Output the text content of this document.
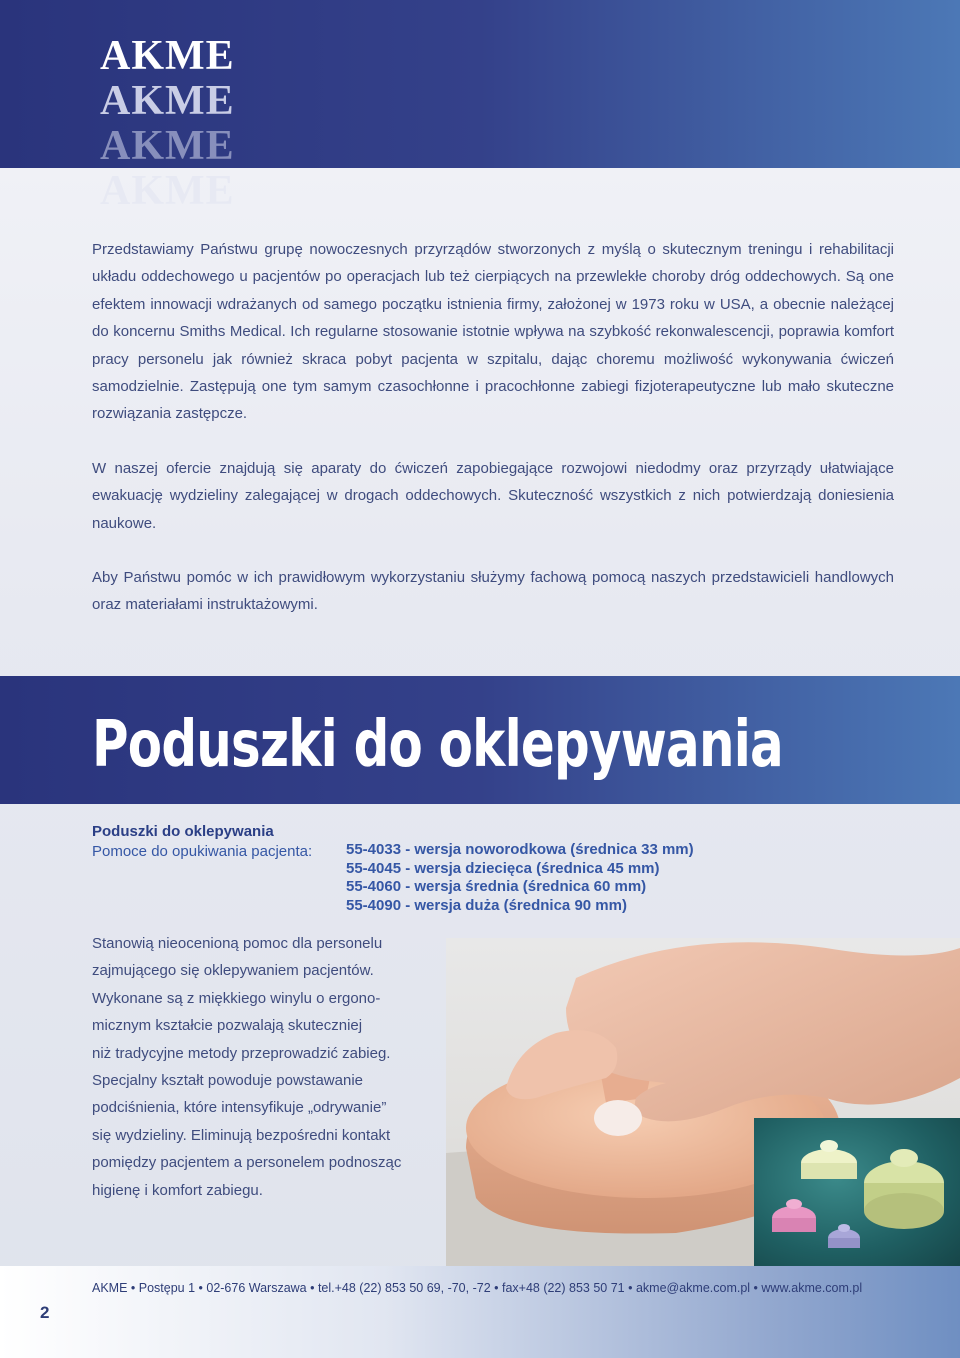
AKME
AKME
AKME
AKME

Przedstawiamy Państwu grupę nowoczesnych przyrządów stworzonych z myślą o skutecznym treningu i rehabilitacji układu oddechowego u pacjentów po operacjach lub też cierpiących na przewlekłe choroby dróg oddechowych. Są one efektem innowacji wdrażanych od samego początku istnienia firmy, założonej w 1973 roku w USA, a obecnie należącej do koncernu Smiths Medical. Ich regularne stosowanie istotnie wpływa na szybkość rekonwalescencji, poprawia komfort pracy personelu jak również skraca pobyt pacjenta w szpitalu, dając choremu możliwość wykonywania ćwiczeń samodzielnie. Zastępują one tym samym czasochłonne i pracochłonne zabiegi fizjoterapeutyczne lub mało skuteczne rozwiązania zastępcze.

W naszej ofercie znajdują się aparaty do ćwiczeń zapobiegające rozwojowi niedodmy oraz przyrządy ułatwiające ewakuację wydzieliny zalegającej w drogach oddechowych. Skuteczność wszystkich z nich potwierdzają doniesienia naukowe.

Aby Państwu pomóc w ich prawidłowym wykorzystaniu służymy fachową pomocą naszych przedstawicieli handlowych oraz materiałami instruktażowymi.

Poduszki do oklepywania
Poduszki do oklepywania
Pomoce do opukiwania pacjenta: 55-4033 - wersja noworodkowa (średnica 33 mm)
55-4045 - wersja dziecięca (średnica 45 mm)
55-4060 - wersja średnia (średnica 60 mm)
55-4090 - wersja duża (średnica 90 mm)
Stanowią nieocenioną pomoc dla personelu
zajmującego się oklepywaniem pacjentów.
Wykonane są z miękkiego winylu o ergono-
micznym kształcie pozwalają skuteczniej
niż tradycyjne metody przeprowadzić zabieg.
Specjalny kształt powoduje powstawanie
podciśnienia, które intensyfikuje „odrywanie”
się wydzieliny. Eliminują bezpośredni kontakt
pomiędzy pacjentem a personelem podnosząc
higienę i komfort zabiegu.
AKME • Postępu 1 • 02-676 Warszawa • tel.+48 (22) 853 50 69, -70, -72 • fax+48 (22) 853 50 71 • akme@akme.com.pl • www.akme.com.pl
2
